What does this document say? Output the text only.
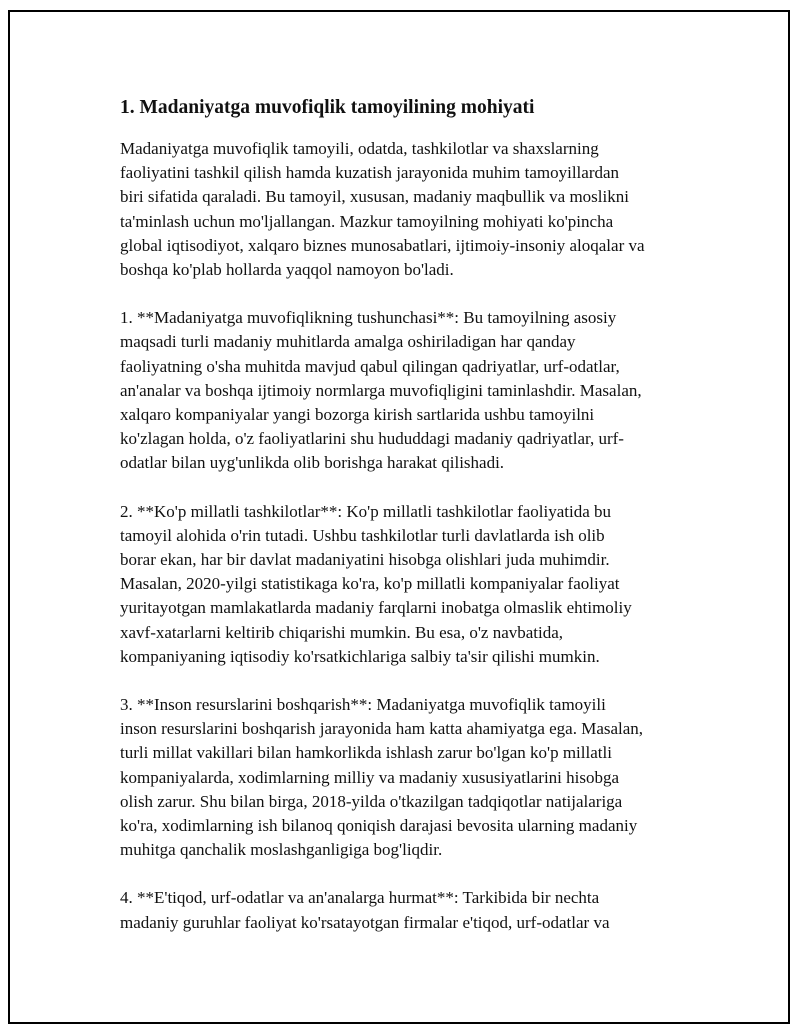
1. Madaniyatga muvofiqlik tamoyilining mohiyati
Madaniyatga muvofiqlik tamoyili, odatda, tashkilotlar va shaxslarning
faoliyatini tashkil qilish hamda kuzatish jarayonida muhim tamoyillardan
biri sifatida qaraladi. Bu tamoyil, xususan, madaniy maqbullik va moslikni
ta'minlash uchun mo'ljallangan. Mazkur tamoyilning mohiyati ko'pincha
global iqtisodiyot, xalqaro biznes munosabatlari, ijtimoiy-insoniy aloqalar va
boshqa ko'plab hollarda yaqqol namoyon bo'ladi.
1. **Madaniyatga muvofiqlikning tushunchasi**: Bu tamoyilning asosiy
maqsadi turli madaniy muhitlarda amalga oshiriladigan har qanday
faoliyatning o'sha muhitda mavjud qabul qilingan qadriyatlar, urf-odatlar,
an'analar va boshqa ijtimoiy normlarga muvofiqligini taminlashdir. Masalan,
xalqaro kompaniyalar yangi bozorga kirish sartlarida ushbu tamoyilni
ko'zlagan holda, o'z faoliyatlarini shu hududdagi madaniy qadriyatlar, urf-
odatlar bilan uyg'unlikda olib borishga harakat qilishadi.
2. **Ko'p millatli tashkilotlar**: Ko'p millatli tashkilotlar faoliyatida bu
tamoyil alohida o'rin tutadi. Ushbu tashkilotlar turli davlatlarda ish olib
borar ekan, har bir davlat madaniyatini hisobga olishlari juda muhimdir.
Masalan, 2020-yilgi statistikaga ko'ra, ko'p millatli kompaniyalar faoliyat
yuritayotgan mamlakatlarda madaniy farqlarni inobatga olmaslik ehtimoliy
xavf-xatarlarni keltirib chiqarishi mumkin. Bu esa, o'z navbatida,
kompaniyaning iqtisodiy ko'rsatkichlariga salbiy ta'sir qilishi mumkin.
3. **Inson resurslarini boshqarish**: Madaniyatga muvofiqlik tamoyili
inson resurslarini boshqarish jarayonida ham katta ahamiyatga ega. Masalan,
turli millat vakillari bilan hamkorlikda ishlash zarur bo'lgan ko'p millatli
kompaniyalarda, xodimlarning milliy va madaniy xususiyatlarini hisobga
olish zarur. Shu bilan birga, 2018-yilda o'tkazilgan tadqiqotlar natijalariga
ko'ra, xodimlarning ish bilanoq qoniqish darajasi bevosita ularning madaniy
muhitga qanchalik moslashganligiga bog'liqdir.
4. **E'tiqod, urf-odatlar va an'analarga hurmat**: Tarkibida bir nechta
madaniy guruhlar faoliyat ko'rsatayotgan firmalar e'tiqod, urf-odatlar va
